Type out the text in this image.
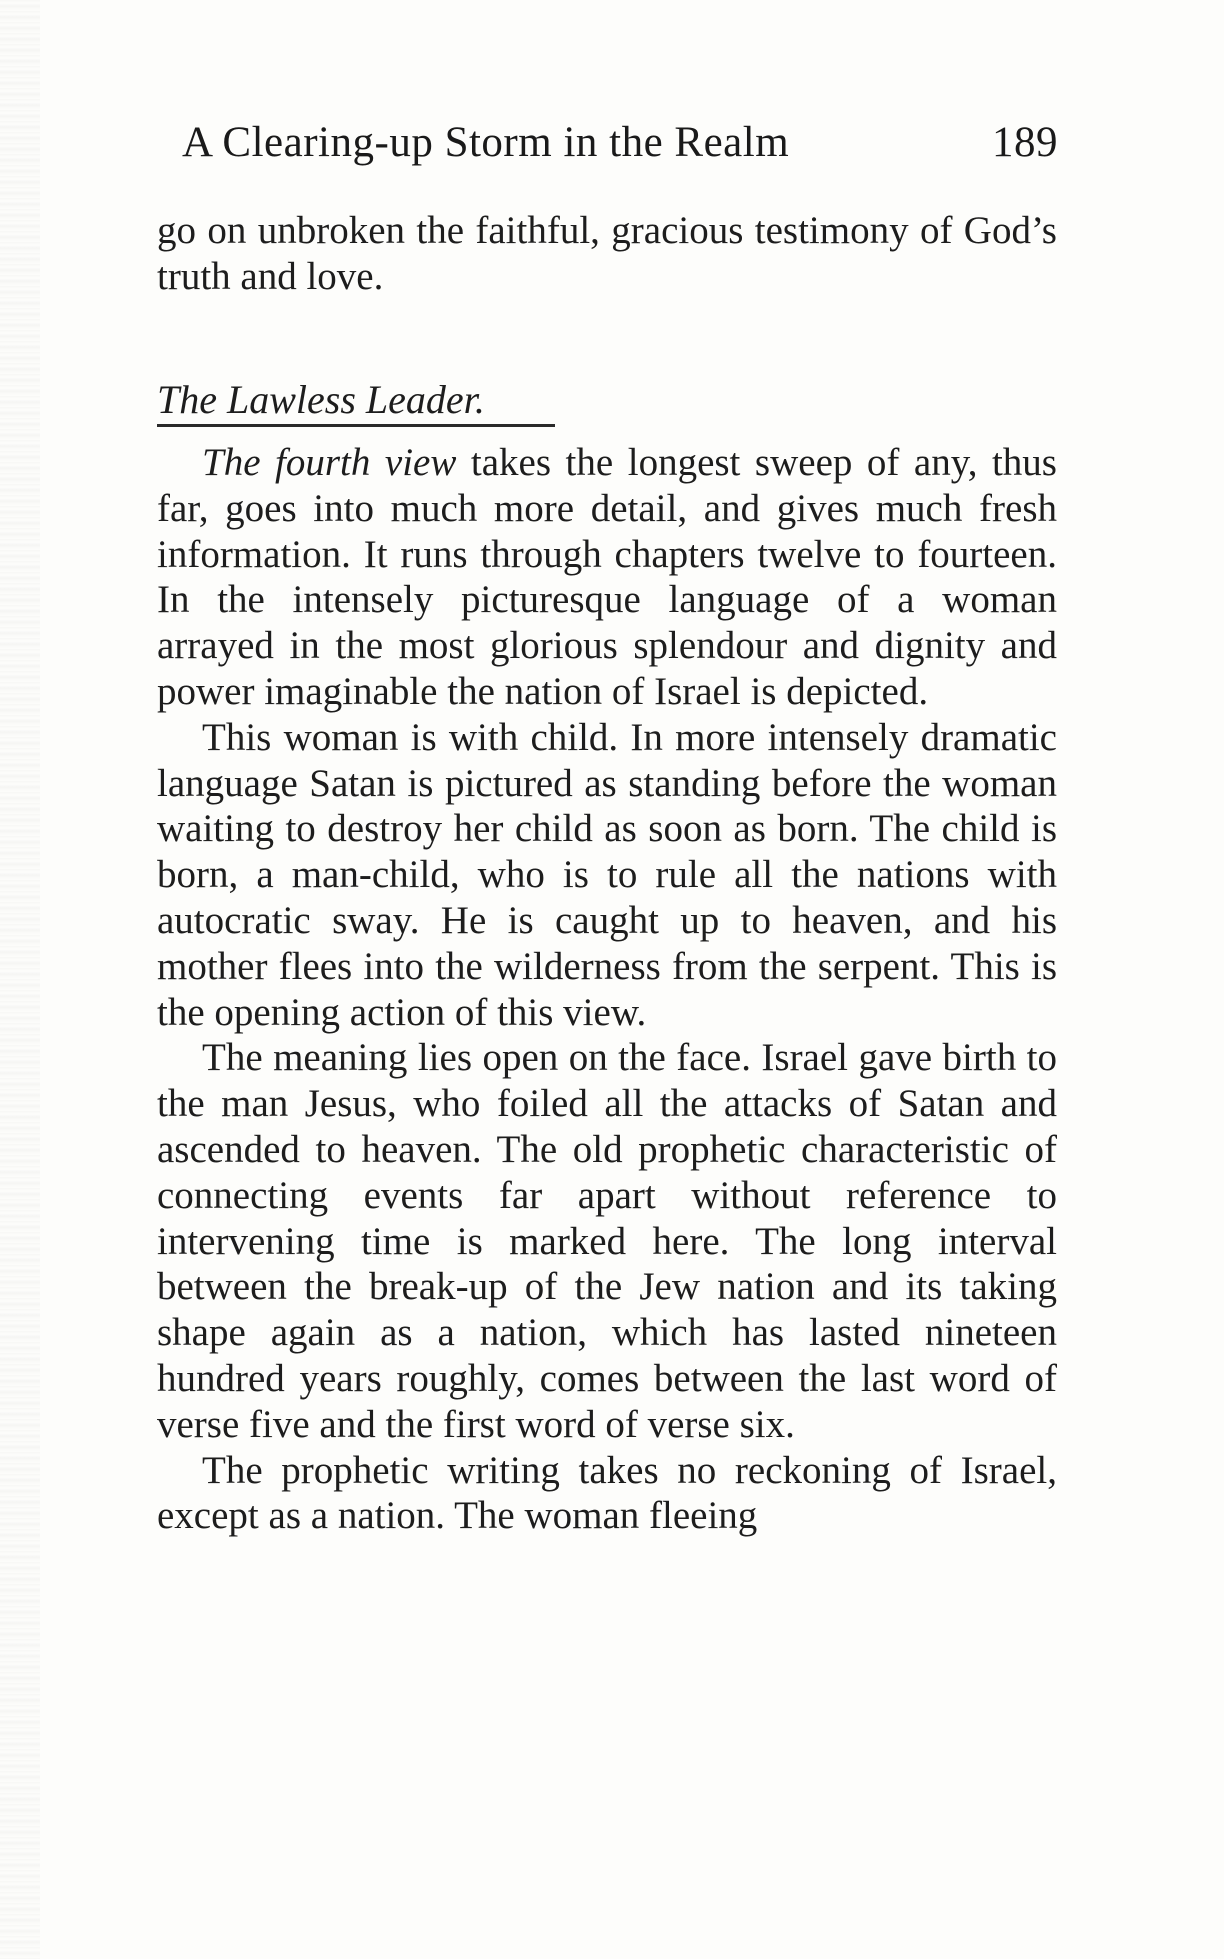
A Clearing-up Storm in the Realm	189

go on unbroken the faithful, gracious testimony of God’s truth and love.

The Lawless Leader.

The fourth view takes the longest sweep of any, thus far, goes into much more detail, and gives much fresh information. It runs through chapters twelve to fourteen. In the intensely picturesque language of a woman arrayed in the most glorious splendour and dignity and power imaginable the nation of Israel is depicted.

This woman is with child. In more intensely dramatic language Satan is pictured as standing before the woman waiting to destroy her child as soon as born. The child is born, a man-child, who is to rule all the nations with autocratic sway. He is caught up to heaven, and his mother flees into the wilderness from the serpent. This is the opening action of this view.

The meaning lies open on the face. Israel gave birth to the man Jesus, who foiled all the attacks of Satan and ascended to heaven. The old prophetic characteristic of connecting events far apart without reference to intervening time is marked here. The long interval between the break-up of the Jew nation and its taking shape again as a nation, which has lasted nineteen hundred years roughly, comes between the last word of verse five and the first word of verse six.

The prophetic writing takes no reckoning of Israel, except as a nation. The woman fleeing
